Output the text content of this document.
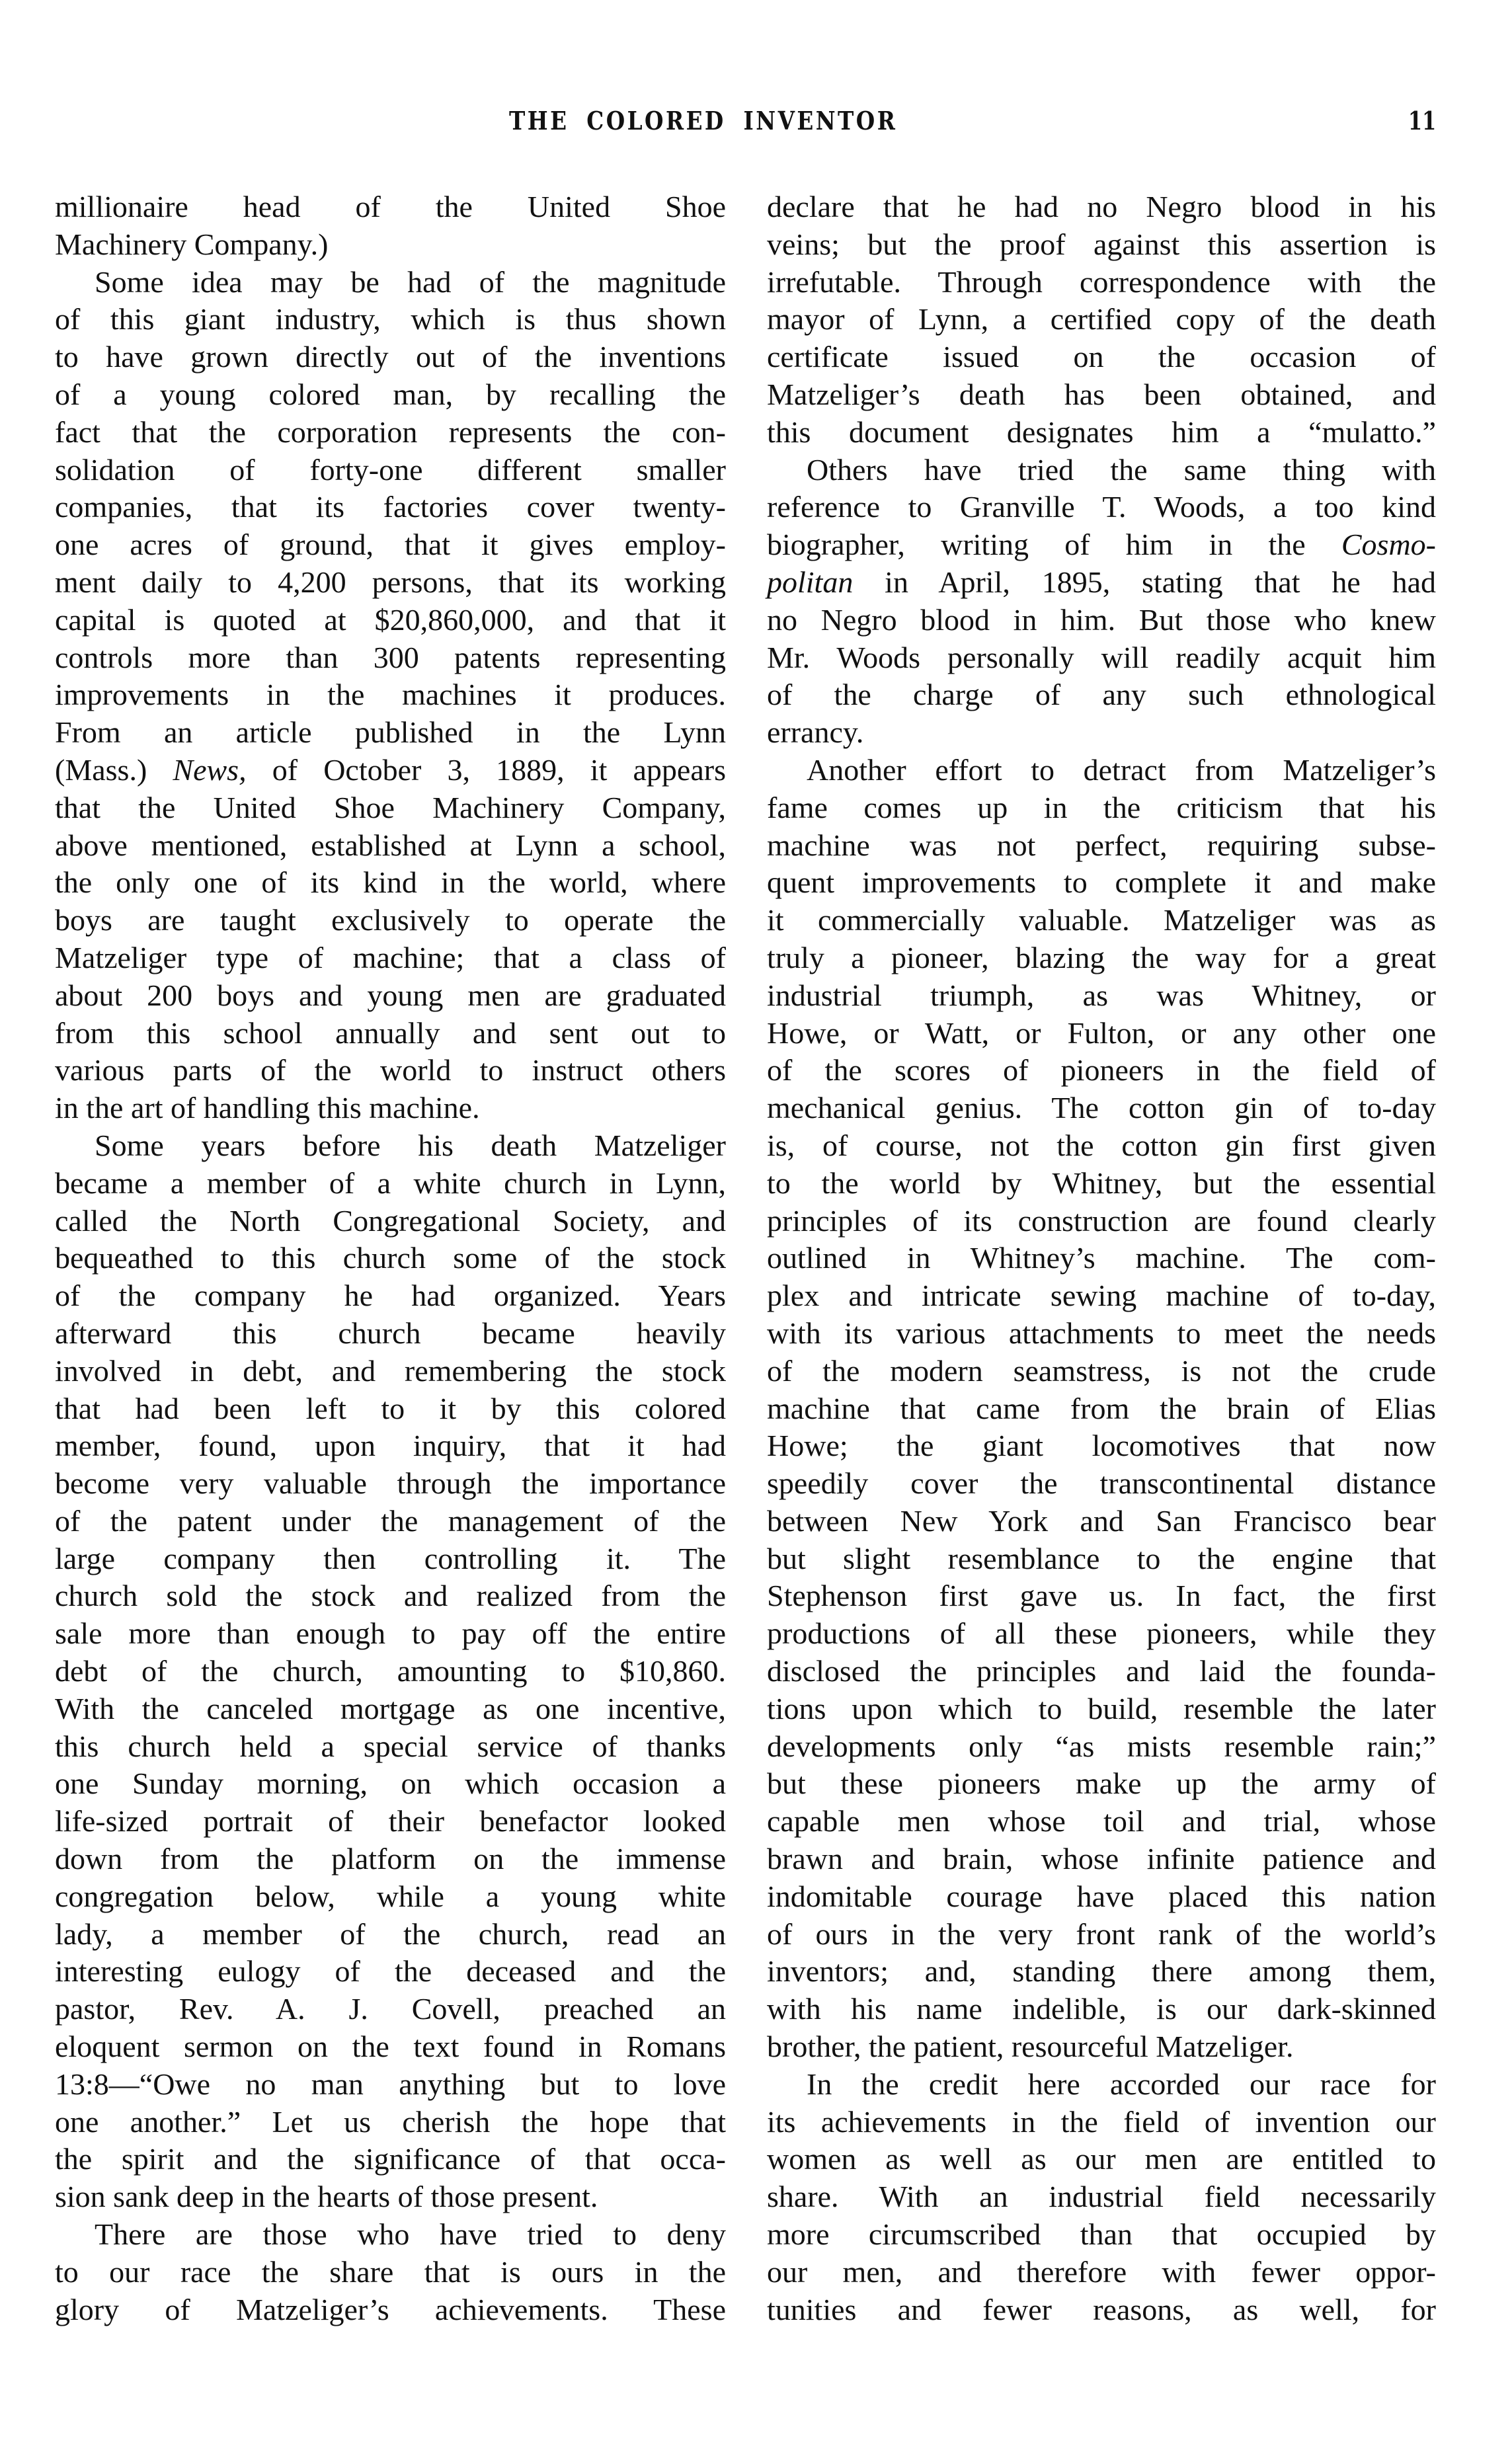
THE COLORED INVENTOR	11
millionaire head of the United Shoe
Machinery Company.)
Some idea may be had of the magnitude
of this giant industry, which is thus shown
to have grown directly out of the inventions
of a young colored man, by recalling the
fact that the corporation represents the con-
solidation of forty-one different smaller
companies, that its factories cover twenty-
one acres of ground, that it gives employ-
ment daily to 4,200 persons, that its working
capital is quoted at $20,860,000, and that it
controls more than 300 patents representing
improvements in the machines it produces.
From an article published in the Lynn
(Mass.) News, of October 3, 1889, it appears
that the United Shoe Machinery Company,
above mentioned, established at Lynn a school,
the only one of its kind in the world, where
boys are taught exclusively to operate the
Matzeliger type of machine; that a class of
about 200 boys and young men are graduated
from this school annually and sent out to
various parts of the world to instruct others
in the art of handling this machine.
Some years before his death Matzeliger
became a member of a white church in Lynn,
called the North Congregational Society, and
bequeathed to this church some of the stock
of the company he had organized. Years
afterward this church became heavily
involved in debt, and remembering the stock
that had been left to it by this colored
member, found, upon inquiry, that it had
become very valuable through the importance
of the patent under the management of the
large company then controlling it. The
church sold the stock and realized from the
sale more than enough to pay off the entire
debt of the church, amounting to $10,860.
With the canceled mortgage as one incentive,
this church held a special service of thanks
one Sunday morning, on which occasion a
life-sized portrait of their benefactor looked
down from the platform on the immense
congregation below, while a young white
lady, a member of the church, read an
interesting eulogy of the deceased and the
pastor, Rev. A. J. Covell, preached an
eloquent sermon on the text found in Romans
13:8—“Owe no man anything but to love
one another.” Let us cherish the hope that
the spirit and the significance of that occa-
sion sank deep in the hearts of those present.
There are those who have tried to deny
to our race the share that is ours in the
glory of Matzeliger’s achievements. These
declare that he had no Negro blood in his
veins; but the proof against this assertion is
irrefutable. Through correspondence with the
mayor of Lynn, a certified copy of the death
certificate issued on the occasion of
Matzeliger’s death has been obtained, and
this document designates him a “mulatto.”
Others have tried the same thing with
reference to Granville T. Woods, a too kind
biographer, writing of him in the Cosmo-
politan in April, 1895, stating that he had
no Negro blood in him. But those who knew
Mr. Woods personally will readily acquit him
of the charge of any such ethnological
errancy.
Another effort to detract from Matzeliger’s
fame comes up in the criticism that his
machine was not perfect, requiring subse-
quent improvements to complete it and make
it commercially valuable. Matzeliger was as
truly a pioneer, blazing the way for a great
industrial triumph, as was Whitney, or
Howe, or Watt, or Fulton, or any other one
of the scores of pioneers in the field of
mechanical genius. The cotton gin of to-day
is, of course, not the cotton gin first given
to the world by Whitney, but the essential
principles of its construction are found clearly
outlined in Whitney’s machine. The com-
plex and intricate sewing machine of to-day,
with its various attachments to meet the needs
of the modern seamstress, is not the crude
machine that came from the brain of Elias
Howe; the giant locomotives that now
speedily cover the transcontinental distance
between New York and San Francisco bear
but slight resemblance to the engine that
Stephenson first gave us. In fact, the first
productions of all these pioneers, while they
disclosed the principles and laid the founda-
tions upon which to build, resemble the later
developments only “as mists resemble rain;”
but these pioneers make up the army of
capable men whose toil and trial, whose
brawn and brain, whose infinite patience and
indomitable courage have placed this nation
of ours in the very front rank of the world’s
inventors; and, standing there among them,
with his name indelible, is our dark-skinned
brother, the patient, resourceful Matzeliger.
In the credit here accorded our race for
its achievements in the field of invention our
women as well as our men are entitled to
share. With an industrial field necessarily
more circumscribed than that occupied by
our men, and therefore with fewer oppor-
tunities and fewer reasons, as well, for
